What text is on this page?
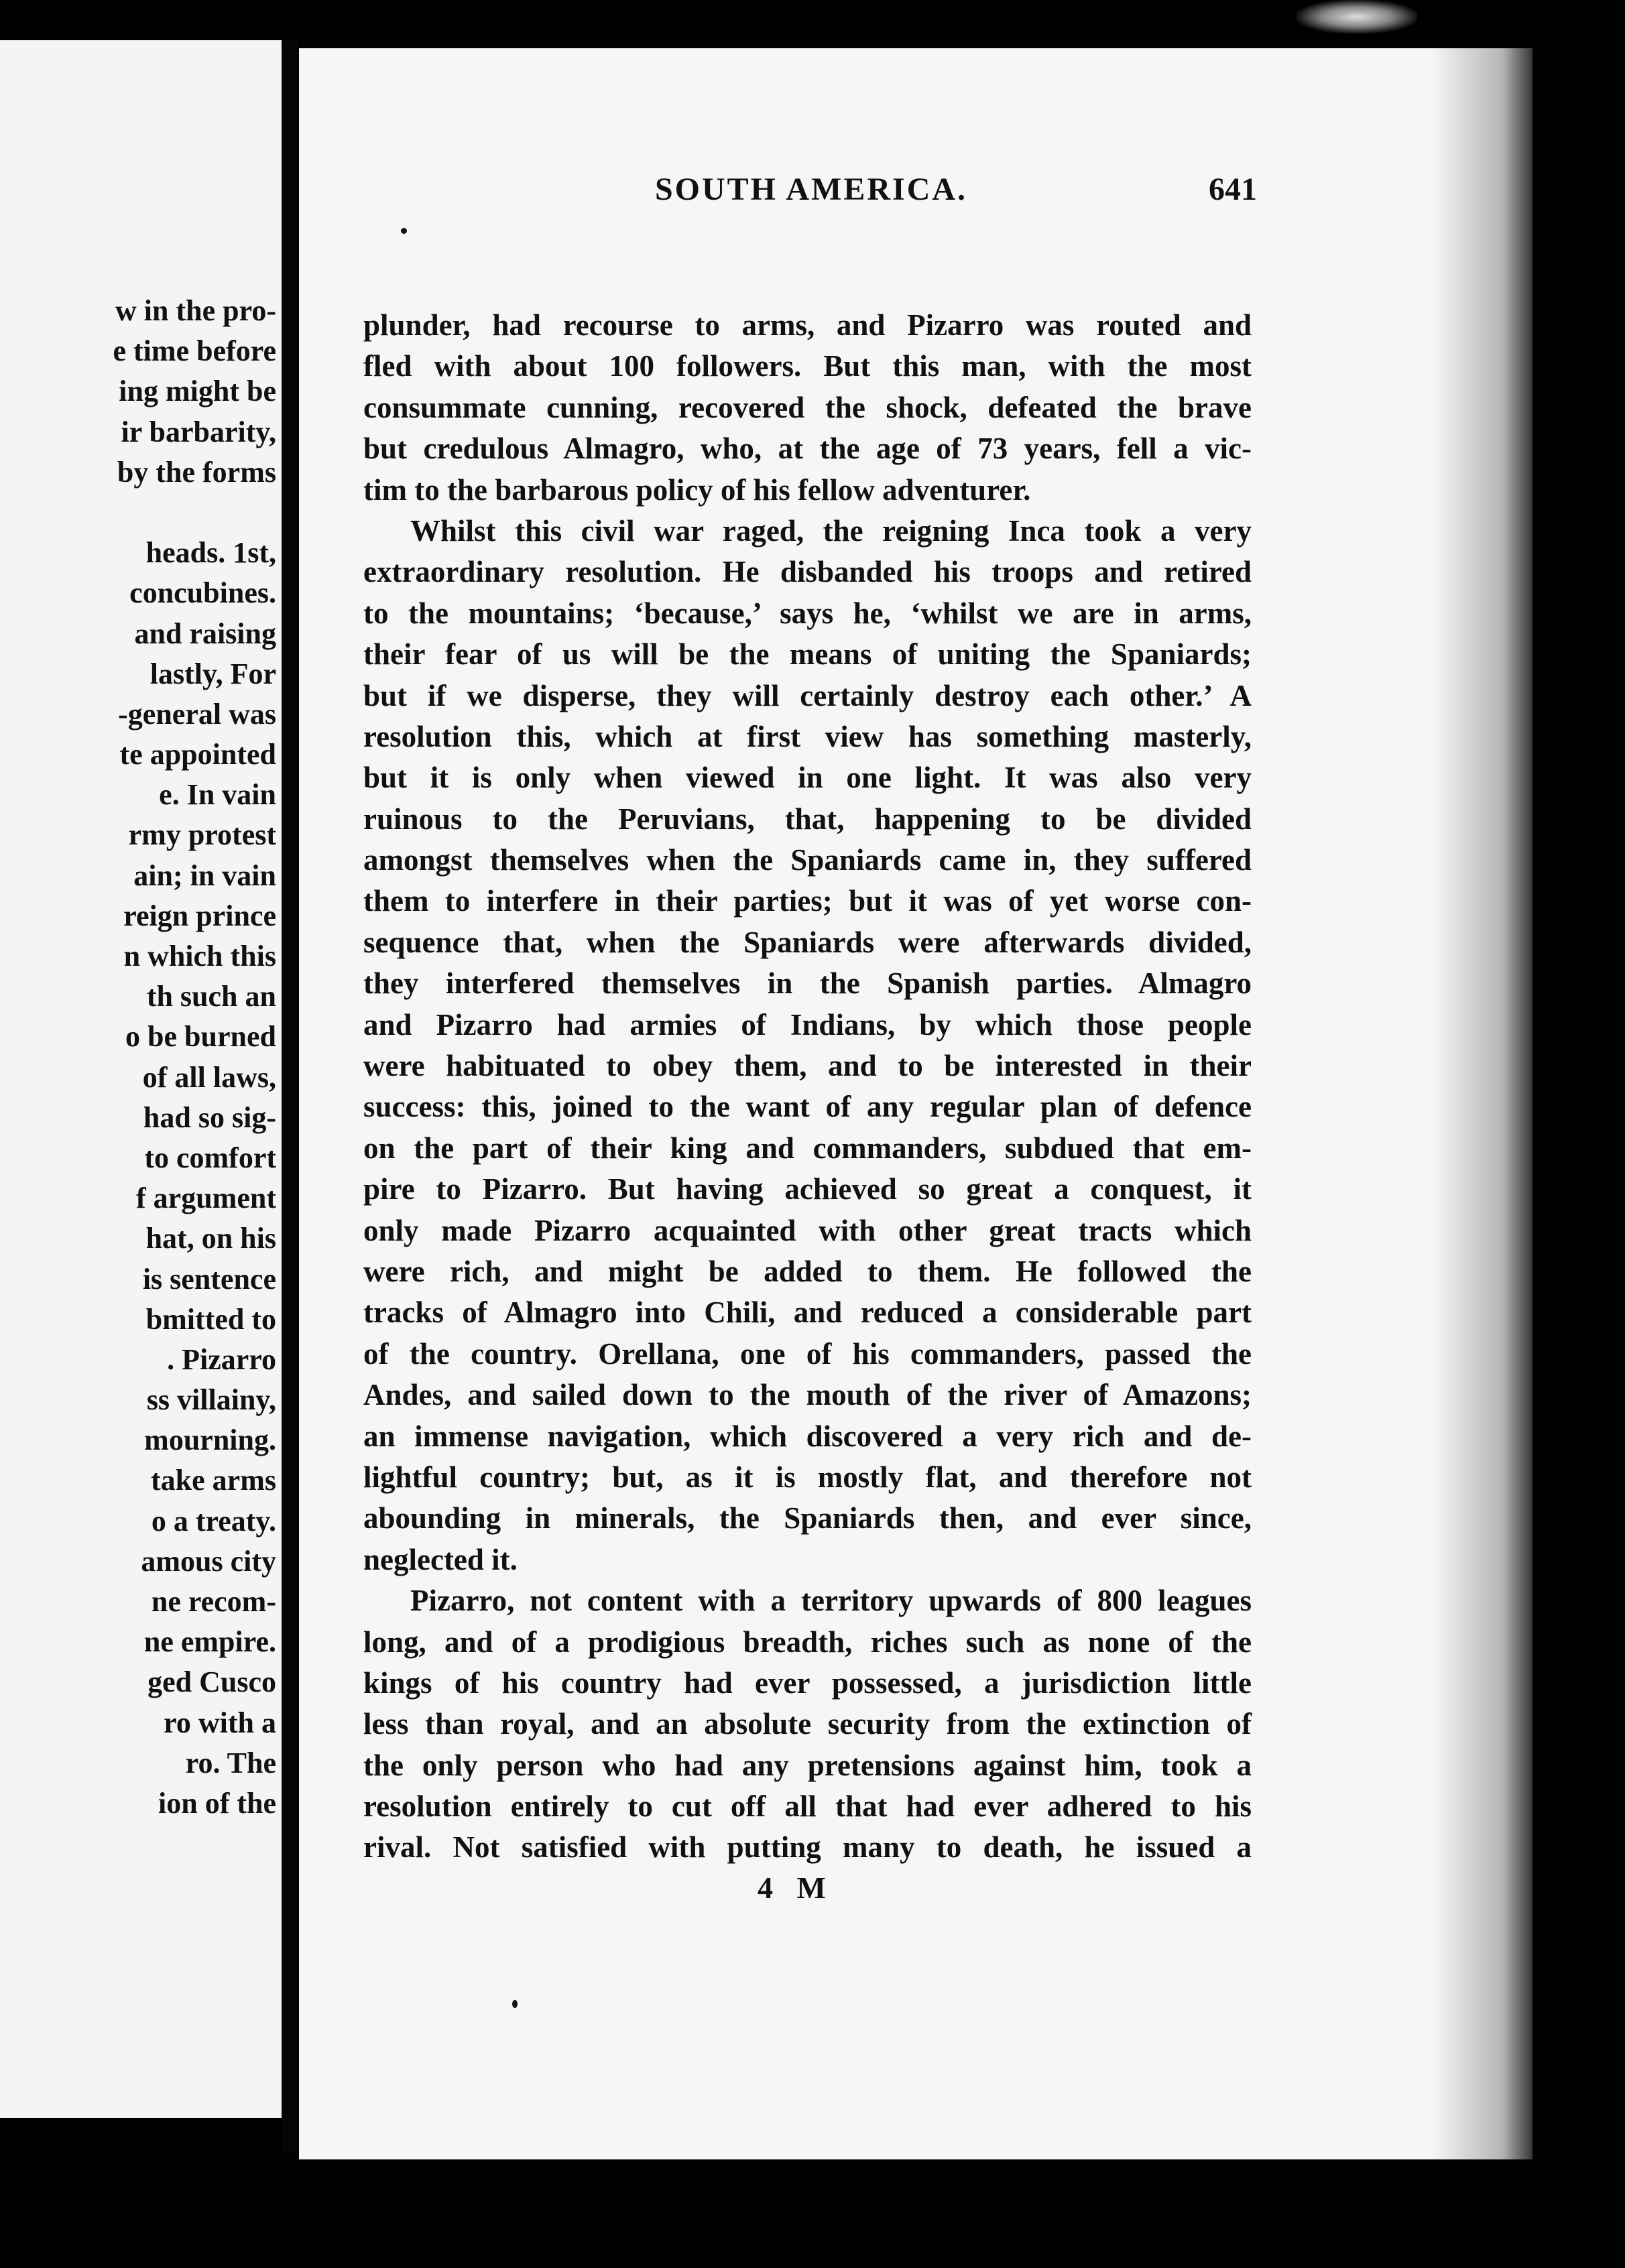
w in the pro-
e time before
ing might be
ir barbarity,
by the forms
heads. 1st,
concubines.
and raising
lastly, For
-general was
te appointed
e. In vain
rmy protest
ain; in vain
reign prince
n which this
th such an
o be burned
of all laws,
had so sig-
to comfort
f argument
hat, on his
is sentence
bmitted to
. Pizarro
ss villainy,
mourning.
take arms
o a treaty.
amous city
ne recom-
ne empire.
ged Cusco
ro with a
ro. The
ion of the
SOUTH AMERICA.	641
plunder, had recourse to arms, and Pizarro was routed and
fled with about 100 followers. But this man, with the most
consummate cunning, recovered the shock, defeated the brave
but credulous Almagro, who, at the age of 73 years, fell a vic-
tim to the barbarous policy of his fellow adventurer.
Whilst this civil war raged, the reigning Inca took a very
extraordinary resolution. He disbanded his troops and retired
to the mountains; ‘because,’ says he, ‘whilst we are in arms,
their fear of us will be the means of uniting the Spaniards;
but if we disperse, they will certainly destroy each other.’ A
resolution this, which at first view has something masterly,
but it is only when viewed in one light. It was also very
ruinous to the Peruvians, that, happening to be divided
amongst themselves when the Spaniards came in, they suffered
them to interfere in their parties; but it was of yet worse con-
sequence that, when the Spaniards were afterwards divided,
they interfered themselves in the Spanish parties. Almagro
and Pizarro had armies of Indians, by which those people
were habituated to obey them, and to be interested in their
success: this, joined to the want of any regular plan of defence
on the part of their king and commanders, subdued that em-
pire to Pizarro. But having achieved so great a conquest, it
only made Pizarro acquainted with other great tracts which
were rich, and might be added to them. He followed the
tracks of Almagro into Chili, and reduced a considerable part
of the country. Orellana, one of his commanders, passed the
Andes, and sailed down to the mouth of the river of Amazons;
an immense navigation, which discovered a very rich and de-
lightful country; but, as it is mostly flat, and therefore not
abounding in minerals, the Spaniards then, and ever since,
neglected it.
Pizarro, not content with a territory upwards of 800 leagues
long, and of a prodigious breadth, riches such as none of the
kings of his country had ever possessed, a jurisdiction little
less than royal, and an absolute security from the extinction of
the only person who had any pretensions against him, took a
resolution entirely to cut off all that had ever adhered to his
rival. Not satisfied with putting many to death, he issued a
4 M
